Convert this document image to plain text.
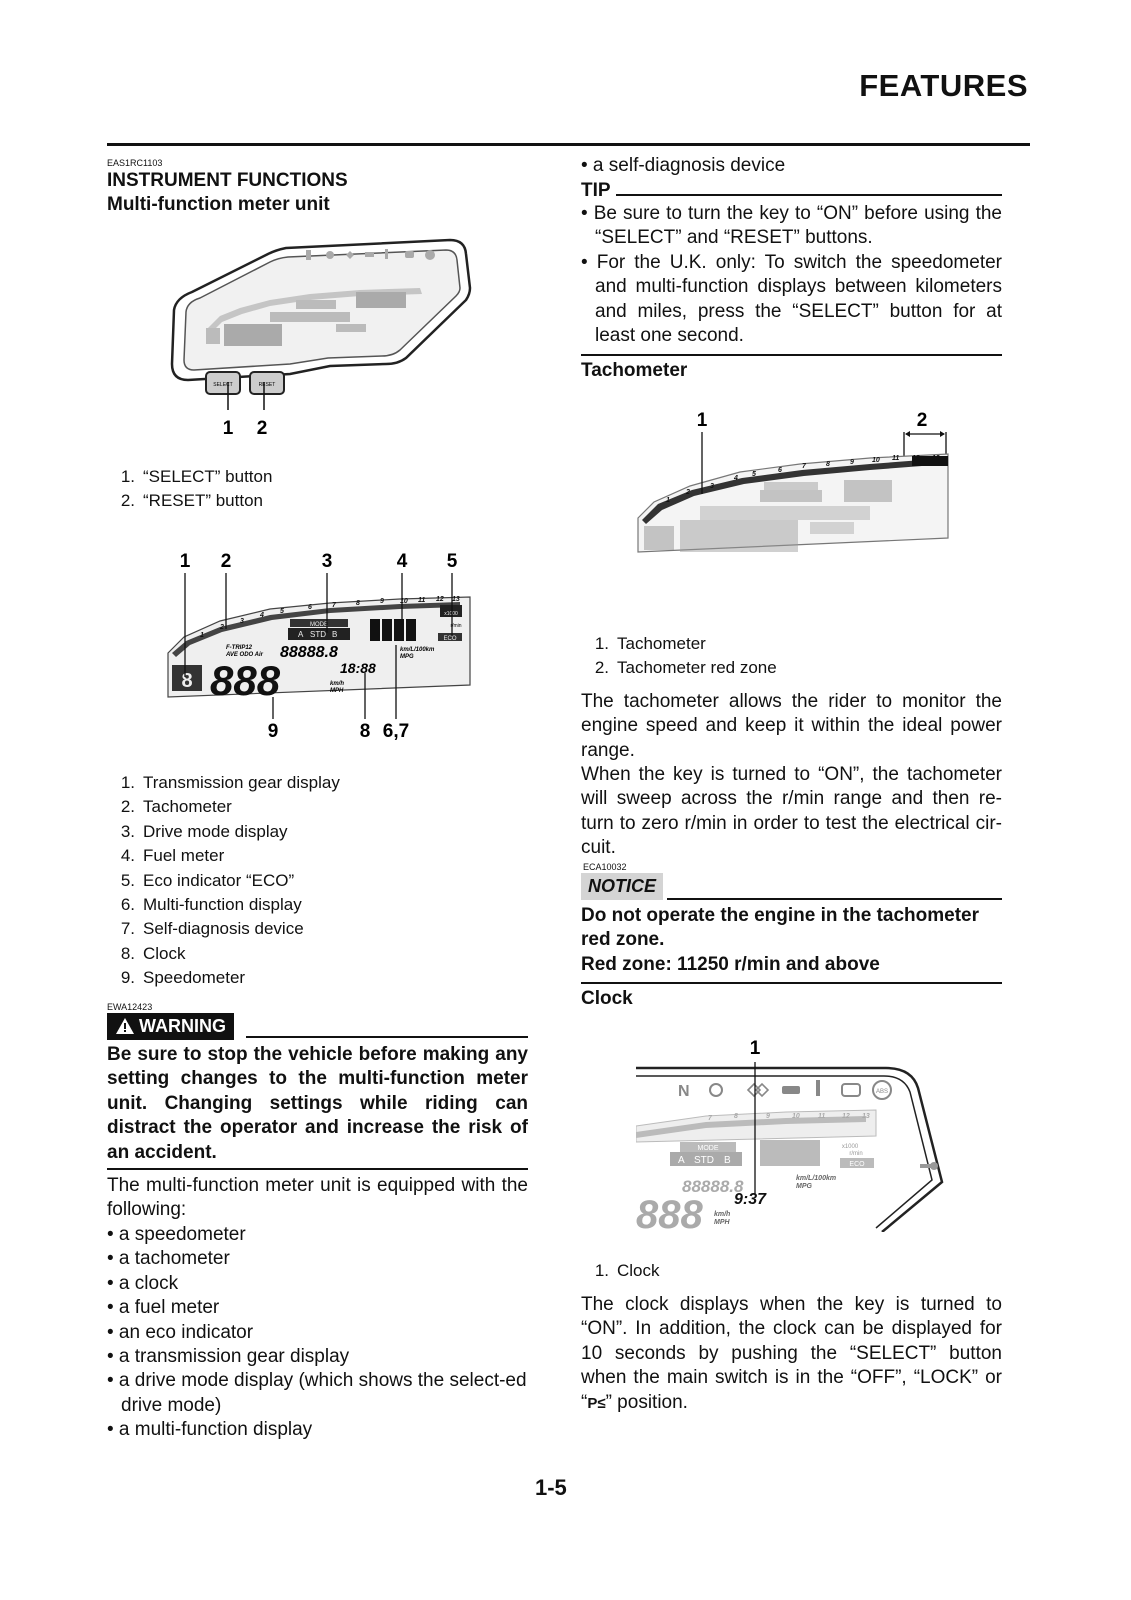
FEATURES
EAS1RC1103
INSTRUMENT FUNCTIONS
Multi-function meter unit
SELECT	RESET
1 2
1. “SELECT” button
2. “RESET” button
1 2	3	4 5
9	8 6,7
1
2
3
4
5
6	7	8	9 10 11 12 13
MODE
A STD B
x1000
r/min
ECO
F-TRIP12
AVE ODO Air 88888.8	km/L/100km
MPG
18:88
8 888	km/h
MPH
1. Transmission gear display
2. Tachometer
3. Drive mode display
4. Fuel meter
5. Eco indicator “ECO”
6. Multi-function display
7. Self-diagnosis device
8. Clock
9. Speedometer
EWA12423
WARNING
Be sure to stop the vehicle before making any setting changes to the multi-function meter unit. Changing settings while riding can distract the operator and increase the risk of an accident.
The multi-function meter unit is equipped with the following:
• a speedometer
• a tachometer
• a clock
• a fuel meter
• an eco indicator
• a transmission gear display
• a drive mode display (which shows the select-ed drive mode)
• a multi-function display
• a self-diagnosis device
TIP
• Be sure to turn the key to “ON” before using the “SELECT” and “RESET” buttons.
• For the U.K. only: To switch the speedometer and multi-function displays between kilometers and miles, press the “SELECT” button for at least one second.
Tachometer
1	2
1
2
3
4
5
6
7	8	9	10 11 12 13
1. Tachometer
2. Tachometer red zone
The tachometer allows the rider to monitor the engine speed and keep it within the ideal power range.
When the key is turned to “ON”, the tachometer will sweep across the r/min range and then re-turn to zero r/min in order to test the electrical cir-cuit.
ECA10032
NOTICE
Do not operate the engine in the tachometer red zone.
Red zone: 11250 r/min and above
Clock
1
N	ABS
7	8	9	10	11 12 13
MODE
A STD B
x1000
r/min
ECO
88888.8	km/L/100km
MPG
9:37
888 km/h
MPH
1. Clock
The clock displays when the key is turned to “ON”. In addition, the clock can be displayed for 10 seconds by pushing the “SELECT” button when the main switch is in the “OFF”, “LOCK” or “P≤” position.
1-5
